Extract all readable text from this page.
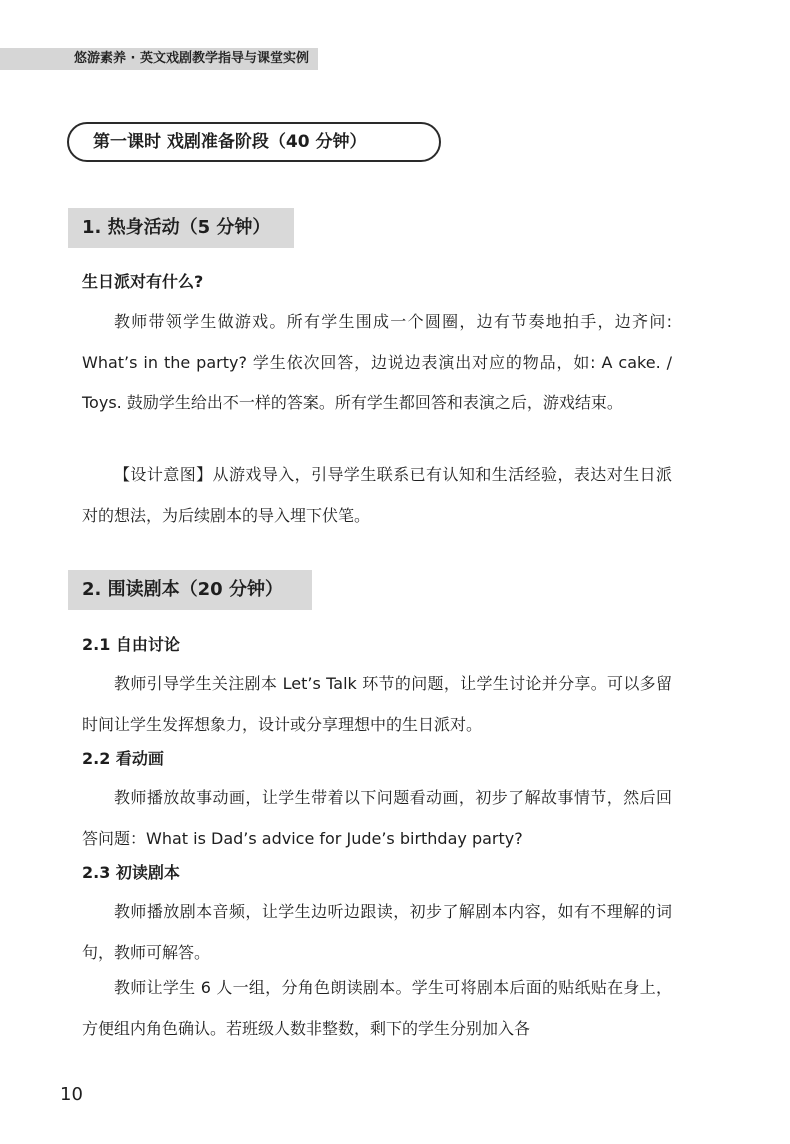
悠游素养 · 英文戏剧教学指导与课堂实例
第一课时 戏剧准备阶段（40 分钟）
1. 热身活动（5 分钟）
生日派对有什么?
教师带领学生做游戏。所有学生围成一个圆圈，边有节奏地拍手，边齐问: What’s in the party? 学生依次回答，边说边表演出对应的物品，如: A cake. / Toys. 鼓励学生给出不一样的答案。所有学生都回答和表演之后，游戏结束。
【设计意图】从游戏导入，引导学生联系已有认知和生活经验，表达对生日派对的想法，为后续剧本的导入埋下伏笔。
2. 围读剧本（20 分钟）
2.1 自由讨论
教师引导学生关注剧本 Let’s Talk 环节的问题，让学生讨论并分享。可以多留时间让学生发挥想象力，设计或分享理想中的生日派对。
2.2 看动画
教师播放故事动画，让学生带着以下问题看动画，初步了解故事情节，然后回答问题：What is Dad’s advice for Jude’s birthday party?
2.3 初读剧本
教师播放剧本音频，让学生边听边跟读，初步了解剧本内容，如有不理解的词句，教师可解答。
教师让学生 6 人一组，分角色朗读剧本。学生可将剧本后面的贴纸贴在身上，方便组内角色确认。若班级人数非整数，剩下的学生分别加入各
10
